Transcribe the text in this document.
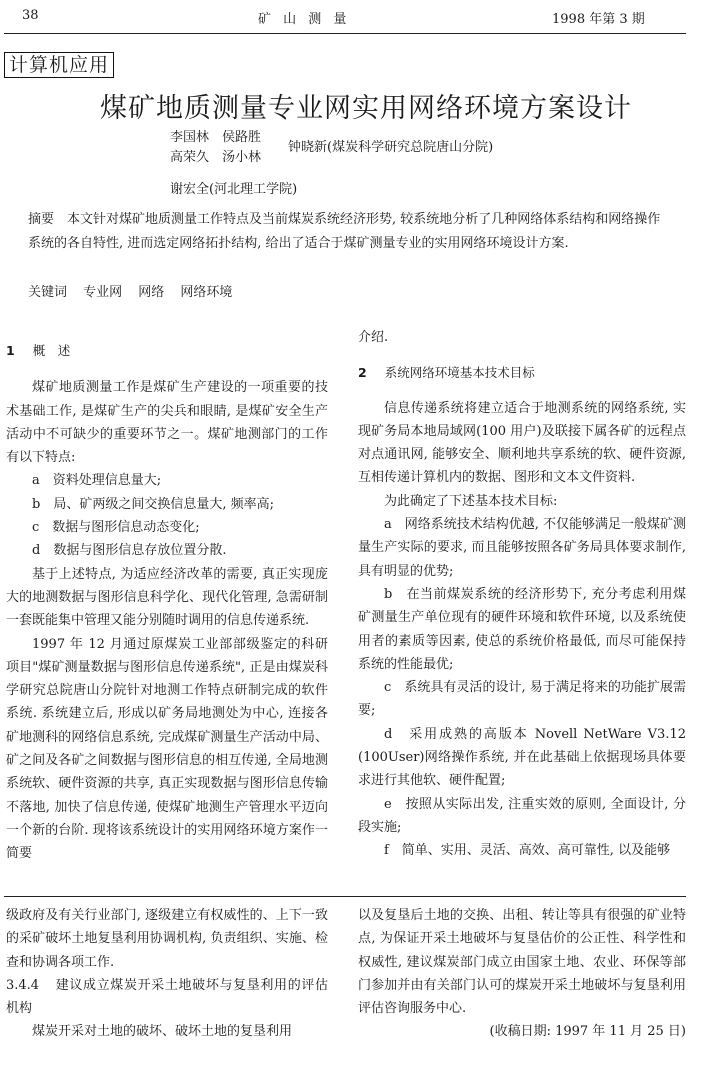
38	矿 山 测 量	1998 年第 3 期
计算机应用
煤矿地质测量专业网实用网络环境方案设计
李国林　侯路胜
高荣久　汤小林
钟晓新(煤炭科学研究总院唐山分院)
谢宏全(河北理工学院)

摘要　本文针对煤矿地质测量工作特点及当前煤炭系统经济形势, 较系统地分析了几种网络体系结构和网络操作系统的各自特性, 进而选定网络拓扑结构, 给出了适合于煤矿测量专业的实用网络环境设计方案.

关键词 专业网 网络 网络环境

1 概　述

煤矿地质测量工作是煤矿生产建设的一项重要的技术基础工作, 是煤矿生产的尖兵和眼睛, 是煤矿安全生产活动中不可缺少的重要环节之一。煤矿地测部门的工作有以下特点:

a　资料处理信息量大;

b　局、矿两级之间交换信息量大, 频率高;

c　数据与图形信息动态变化;

d　数据与图形信息存放位置分散.

基于上述特点, 为适应经济改革的需要, 真正实现庞大的地测数据与图形信息科学化、现代化管理, 急需研制一套既能集中管理又能分别随时调用的信息传递系统.

1997 年 12 月通过原煤炭工业部部级鉴定的科研项目"煤矿测量数据与图形信息传递系统", 正是由煤炭科学研究总院唐山分院针对地测工作特点研制完成的软件系统. 系统建立后, 形成以矿务局地测处为中心, 连接各矿地测科的网络信息系统, 完成煤矿测量生产活动中局、矿之间及各矿之间数据与图形信息的相互传递, 全局地测系统软、硬件资源的共享, 真正实现数据与图形信息传输不落地, 加快了信息传递, 使煤矿地测生产管理水平迈向一个新的台阶. 现将该系统设计的实用网络环境方案作一简要

介绍.

2 系统网络环境基本技术目标

信息传递系统将建立适合于地测系统的网络系统, 实现矿务局本地局域网(100 用户)及联接下属各矿的远程点对点通讯网, 能够安全、顺利地共享系统的软、硬件资源, 互相传递计算机内的数据、图形和文本文件资料.

为此确定了下述基本技术目标:

a　网络系统技术结构优越, 不仅能够满足一般煤矿测量生产实际的要求, 而且能够按照各矿务局具体要求制作, 具有明显的优势;

b　在当前煤炭系统的经济形势下, 充分考虑利用煤矿测量生产单位现有的硬件环境和软件环境, 以及系统使用者的素质等因素, 使总的系统价格最低, 而尽可能保持系统的性能最优;

c　系统具有灵活的设计, 易于满足将来的功能扩展需要;

d　采用成熟的高版本 Novell NetWare V3.12 (100User)网络操作系统, 并在此基础上依据现场具体要求进行其他软、硬件配置;

e　按照从实际出发, 注重实效的原则, 全面设计, 分段实施;

f　简单、实用、灵活、高效、高可靠性, 以及能够

级政府及有关行业部门, 逐级建立有权威性的、上下一致的采矿破坏土地复垦利用协调机构, 负责组织、实施、检查和协调各项工作.

3.4.4 建议成立煤炭开采土地破坏与复垦利用的评估机构

煤炭开采对土地的破坏、破坏土地的复垦利用

以及复垦后土地的交换、出租、转让等具有很强的矿业特点, 为保证开采土地破坏与复垦估价的公正性、科学性和权威性, 建议煤炭部门成立由国家土地、农业、环保等部门参加并由有关部门认可的煤炭开采土地破坏与复垦利用评估咨询服务中心.

(收稿日期: 1997 年 11 月 25 日)
